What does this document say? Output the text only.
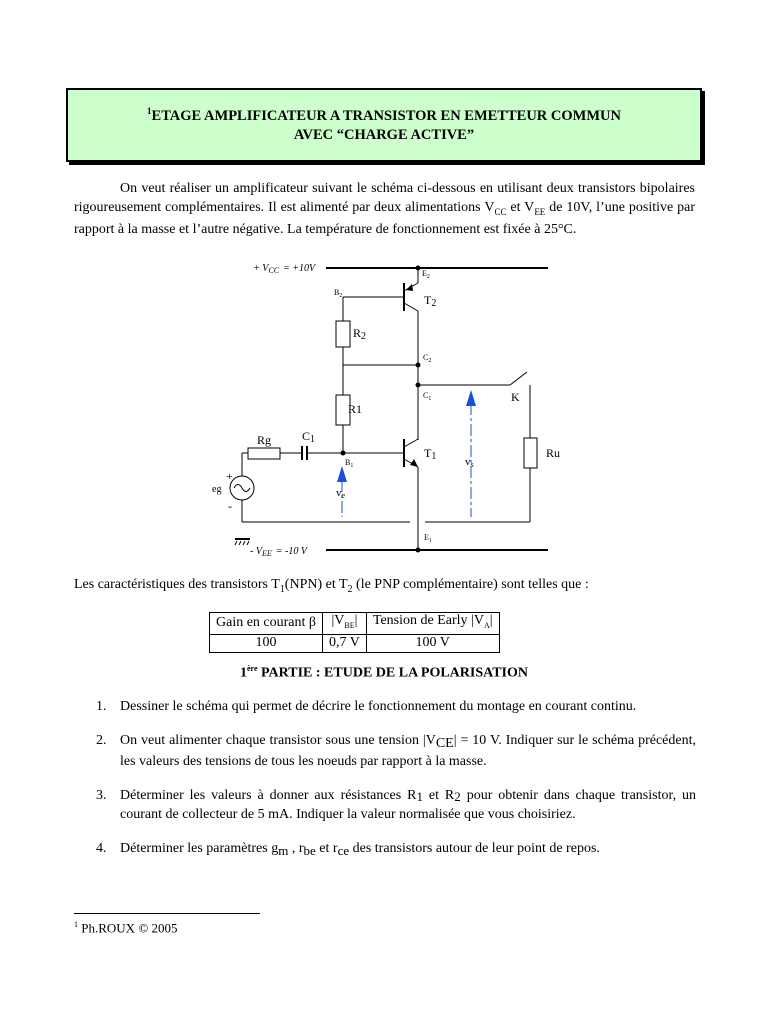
$^1$ETAGE AMPLIFICATEUR A TRANSISTOR EN EMETTEUR COMMUN
AVEC “CHARGE ACTIVE”
On veut réaliser un amplificateur suivant le schéma ci-dessous en utilisant deux transistors bipolaires rigoureusement complémentaires. Il est alimenté par deux alimentations $V_{CC}$ et $V_{EE}$ de 10V, l’une positive par rapport à la masse et l’autre négative. La température de fonctionnement est fixée à 25°C.
+ $V_{CC} = +10V$
- $V_{EE} = -10$ V
$E_2$
$B_2$
$C_2$
$C_1$
$B_1$
$E_1$
T2
R2
R1
K
Rg	C1
T1	Ru
vs
ve
eg
+
-
Les caractéristiques des transistors $T_1(NPN)$ et $T_2$ (le PNP complémentaire) sont telles que :
Gain en courant β	$|V_{BE}|$	Tension de Early $|V_A|$
100	0,7 V	100 V
1ère PARTIE : ETUDE DE LA POLARISATION
1. Dessiner le schéma qui permet de décrire le fonctionnement du montage en courant continu.
2. On veut alimenter chaque transistor sous une tension $|V_{CE}| = 10$ V. Indiquer sur le schéma précédent, les valeurs des tensions de tous les noeuds par rapport à la masse.
3. Déterminer les valeurs à donner aux résistances $R_1$ et $R_2$ pour obtenir dans chaque transistor, un courant de collecteur de 5 mA. Indiquer la valeur normalisée que vous choisiriez.
4. Déterminer les paramètres $g_m$ , $r_{be}$ et $r_{ce}$ des transistors autour de leur point de repos.
$^1$ Ph.ROUX © 2005
